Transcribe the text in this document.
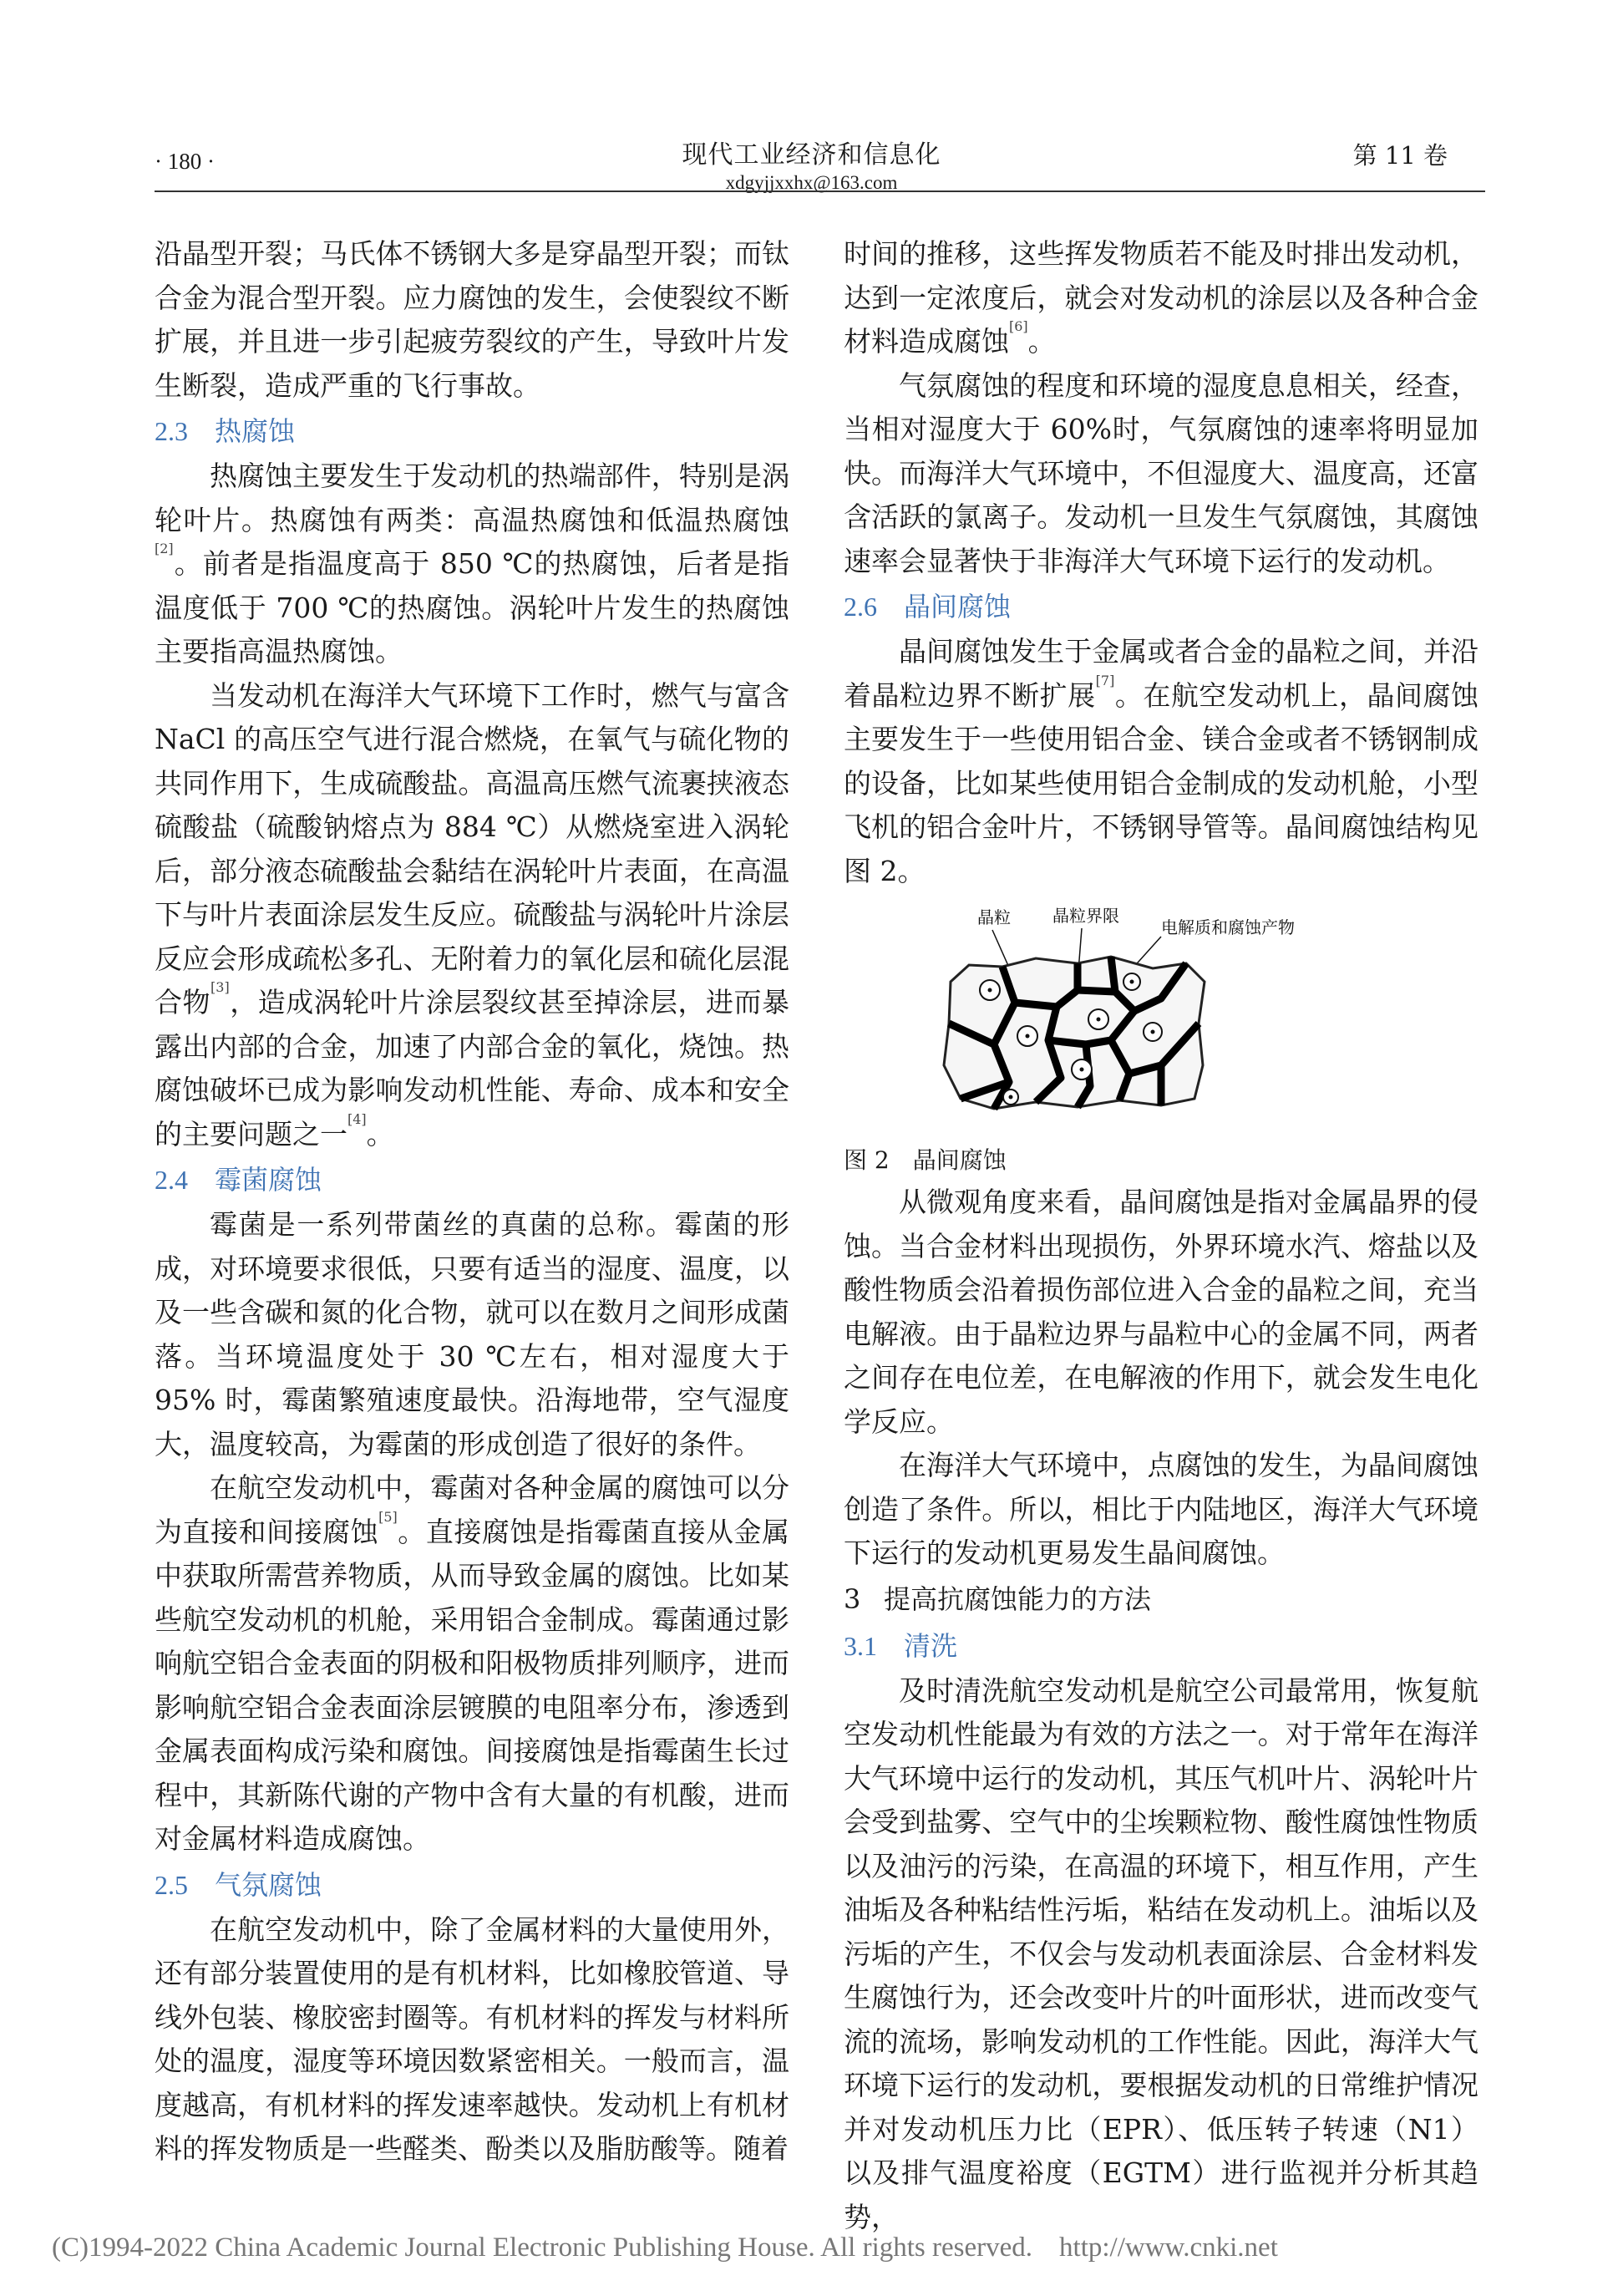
· 180 ·	现代工业经济和信息化
xdgyjjxxhx@163.com
第 11 卷

沿晶型开裂；马氏体不锈钢大多是穿晶型开裂；而钛合金为混合型开裂。应力腐蚀的发生，会使裂纹不断扩展，并且进一步引起疲劳裂纹的产生，导致叶片发生断裂，造成严重的飞行事故。

2.3 热腐蚀

热腐蚀主要发生于发动机的热端部件，特别是涡轮叶片。热腐蚀有两类：高温热腐蚀和低温热腐蚀[2]。前者是指温度高于 850 ℃的热腐蚀，后者是指温度低于 700 ℃的热腐蚀。涡轮叶片发生的热腐蚀主要指高温热腐蚀。

当发动机在海洋大气环境下工作时，燃气与富含 NaCl 的高压空气进行混合燃烧，在氧气与硫化物的共同作用下，生成硫酸盐。高温高压燃气流裹挟液态硫酸盐（硫酸钠熔点为 884 ℃）从燃烧室进入涡轮后，部分液态硫酸盐会黏结在涡轮叶片表面，在高温下与叶片表面涂层发生反应。硫酸盐与涡轮叶片涂层反应会形成疏松多孔、无附着力的氧化层和硫化层混合物[3]，造成涡轮叶片涂层裂纹甚至掉涂层，进而暴露出内部的合金，加速了内部合金的氧化，烧蚀。热腐蚀破坏已成为影响发动机性能、寿命、成本和安全的主要问题之一[4]。

2.4 霉菌腐蚀

霉菌是一系列带菌丝的真菌的总称。霉菌的形成，对环境要求很低，只要有适当的湿度、温度，以及一些含碳和氮的化合物，就可以在数月之间形成菌落。当环境温度处于 30 ℃左右，相对湿度大于 95% 时，霉菌繁殖速度最快。沿海地带，空气湿度大，温度较高，为霉菌的形成创造了很好的条件。

在航空发动机中，霉菌对各种金属的腐蚀可以分为直接和间接腐蚀[5]。直接腐蚀是指霉菌直接从金属中获取所需营养物质，从而导致金属的腐蚀。比如某些航空发动机的机舱，采用铝合金制成。霉菌通过影响航空铝合金表面的阴极和阳极物质排列顺序，进而影响航空铝合金表面涂层镀膜的电阻率分布，渗透到金属表面构成污染和腐蚀。间接腐蚀是指霉菌生长过程中，其新陈代谢的产物中含有大量的有机酸，进而对金属材料造成腐蚀。

2.5 气氛腐蚀

在航空发动机中，除了金属材料的大量使用外，还有部分装置使用的是有机材料，比如橡胶管道、导线外包装、橡胶密封圈等。有机材料的挥发与材料所处的温度，湿度等环境因数紧密相关。一般而言，温度越高，有机材料的挥发速率越快。发动机上有机材料的挥发物质是一些醛类、酚类以及脂肪酸等。随着

时间的推移，这些挥发物质若不能及时排出发动机，达到一定浓度后，就会对发动机的涂层以及各种合金材料造成腐蚀[6]。

气氛腐蚀的程度和环境的湿度息息相关，经查，当相对湿度大于 60%时，气氛腐蚀的速率将明显加快。而海洋大气环境中，不但湿度大、温度高，还富含活跃的氯离子。发动机一旦发生气氛腐蚀，其腐蚀速率会显著快于非海洋大气环境下运行的发动机。

2.6 晶间腐蚀

晶间腐蚀发生于金属或者合金的晶粒之间，并沿着晶粒边界不断扩展[7]。在航空发动机上，晶间腐蚀主要发生于一些使用铝合金、镁合金或者不锈钢制成的设备，比如某些使用铝合金制成的发动机舱，小型飞机的铝合金叶片，不锈钢导管等。晶间腐蚀结构见图 2。

晶粒	晶粒界限
电解质和腐蚀产物

图 2　晶间腐蚀

从微观角度来看，晶间腐蚀是指对金属晶界的侵蚀。当合金材料出现损伤，外界环境水汽、熔盐以及酸性物质会沿着损伤部位进入合金的晶粒之间，充当电解液。由于晶粒边界与晶粒中心的金属不同，两者之间存在电位差，在电解液的作用下，就会发生电化学反应。

在海洋大气环境中，点腐蚀的发生，为晶间腐蚀创造了条件。所以，相比于内陆地区，海洋大气环境下运行的发动机更易发生晶间腐蚀。

3 提高抗腐蚀能力的方法
3.1 清洗

及时清洗航空发动机是航空公司最常用，恢复航空发动机性能最为有效的方法之一。对于常年在海洋大气环境中运行的发动机，其压气机叶片、涡轮叶片会受到盐雾、空气中的尘埃颗粒物、酸性腐蚀性物质以及油污的污染，在高温的环境下，相互作用，产生油垢及各种粘结性污垢，粘结在发动机上。油垢以及污垢的产生，不仅会与发动机表面涂层、合金材料发生腐蚀行为，还会改变叶片的叶面形状，进而改变气流的流场，影响发动机的工作性能。因此，海洋大气环境下运行的发动机，要根据发动机的日常维护情况并对发动机压力比（EPR）、低压转子转速（N1）以及排气温度裕度（EGTM）进行监视并分析其趋势，

(C)1994-2022 China Academic Journal Electronic Publishing House. All rights reserved. http://www.cnki.net
